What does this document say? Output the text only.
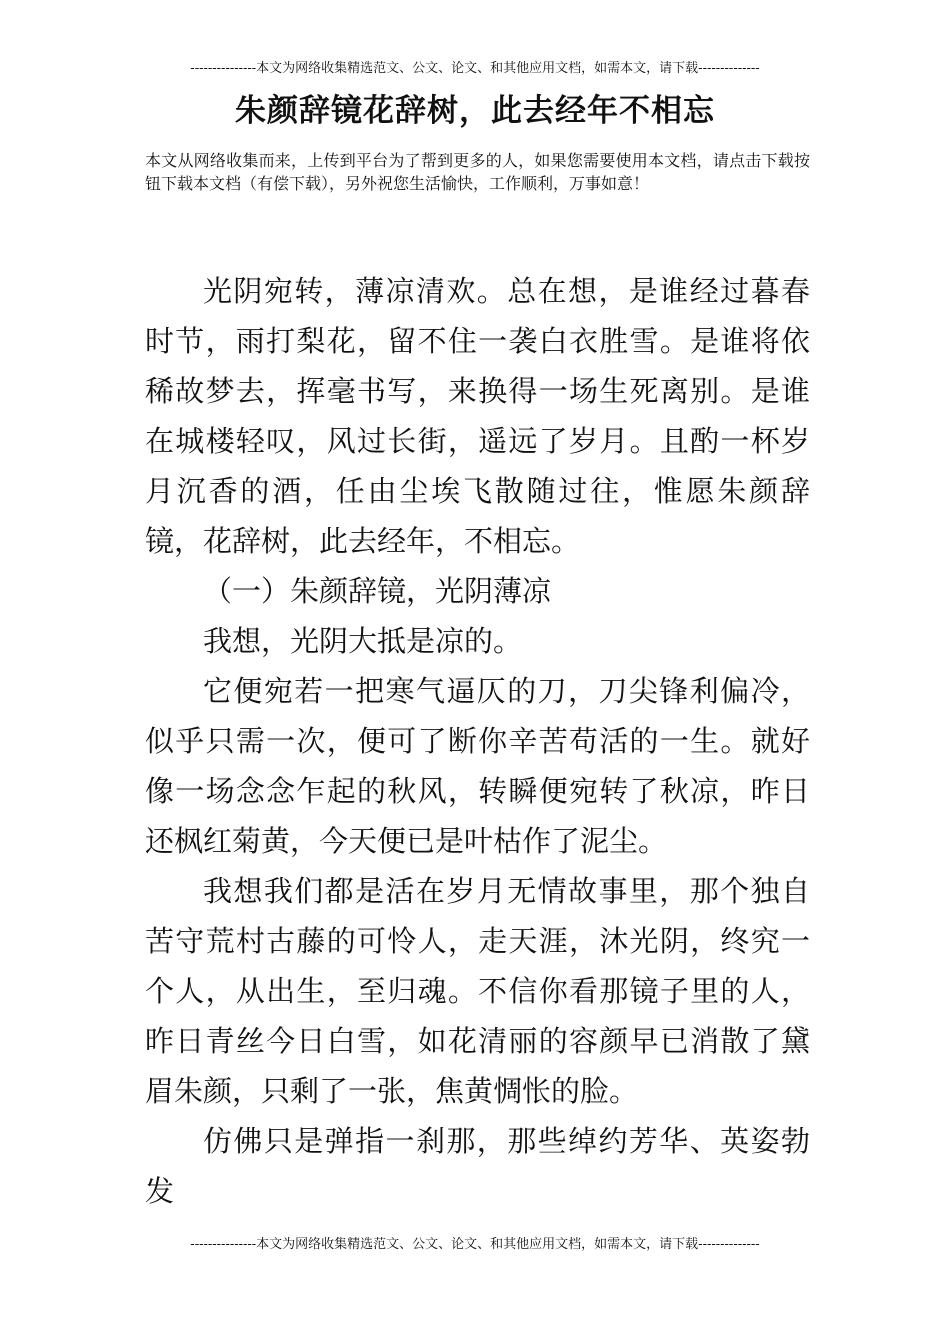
---------------本文为网络收集精选范文、公文、论文、和其他应用文档，如需本文，请下载--------------
朱颜辞镜花辞树，此去经年不相忘
本文从网络收集而来，上传到平台为了帮到更多的人，如果您需要使用本文档，请点击下载按钮下载本文档（有偿下载），另外祝您生活愉快，工作顺利，万事如意！

光阴宛转，薄凉清欢。总在想，是谁经过暮春时节，雨打梨花，留不住一袭白衣胜雪。是谁将依稀故梦去，挥毫书写，来换得一场生死离别。是谁在城楼轻叹，风过长街，遥远了岁月。且酌一杯岁月沉香的酒，任由尘埃飞散随过往，惟愿朱颜辞镜，花辞树，此去经年，不相忘。

（一）朱颜辞镜，光阴薄凉

我想，光阴大抵是凉的。

它便宛若一把寒气逼仄的刀，刀尖锋利偏冷，似乎只需一次，便可了断你辛苦苟活的一生。就好像一场念念乍起的秋风，转瞬便宛转了秋凉，昨日还枫红菊黄，今天便已是叶枯作了泥尘。

我想我们都是活在岁月无情故事里，那个独自苦守荒村古藤的可怜人，走天涯，沐光阴，终究一个人，从出生，至归魂。不信你看那镜子里的人，昨日青丝今日白雪，如花清丽的容颜早已消散了黛眉朱颜，只剩了一张，焦黄惆怅的脸。

仿佛只是弹指一刹那，那些绰约芳华、英姿勃发

---------------本文为网络收集精选范文、公文、论文、和其他应用文档，如需本文，请下载--------------
